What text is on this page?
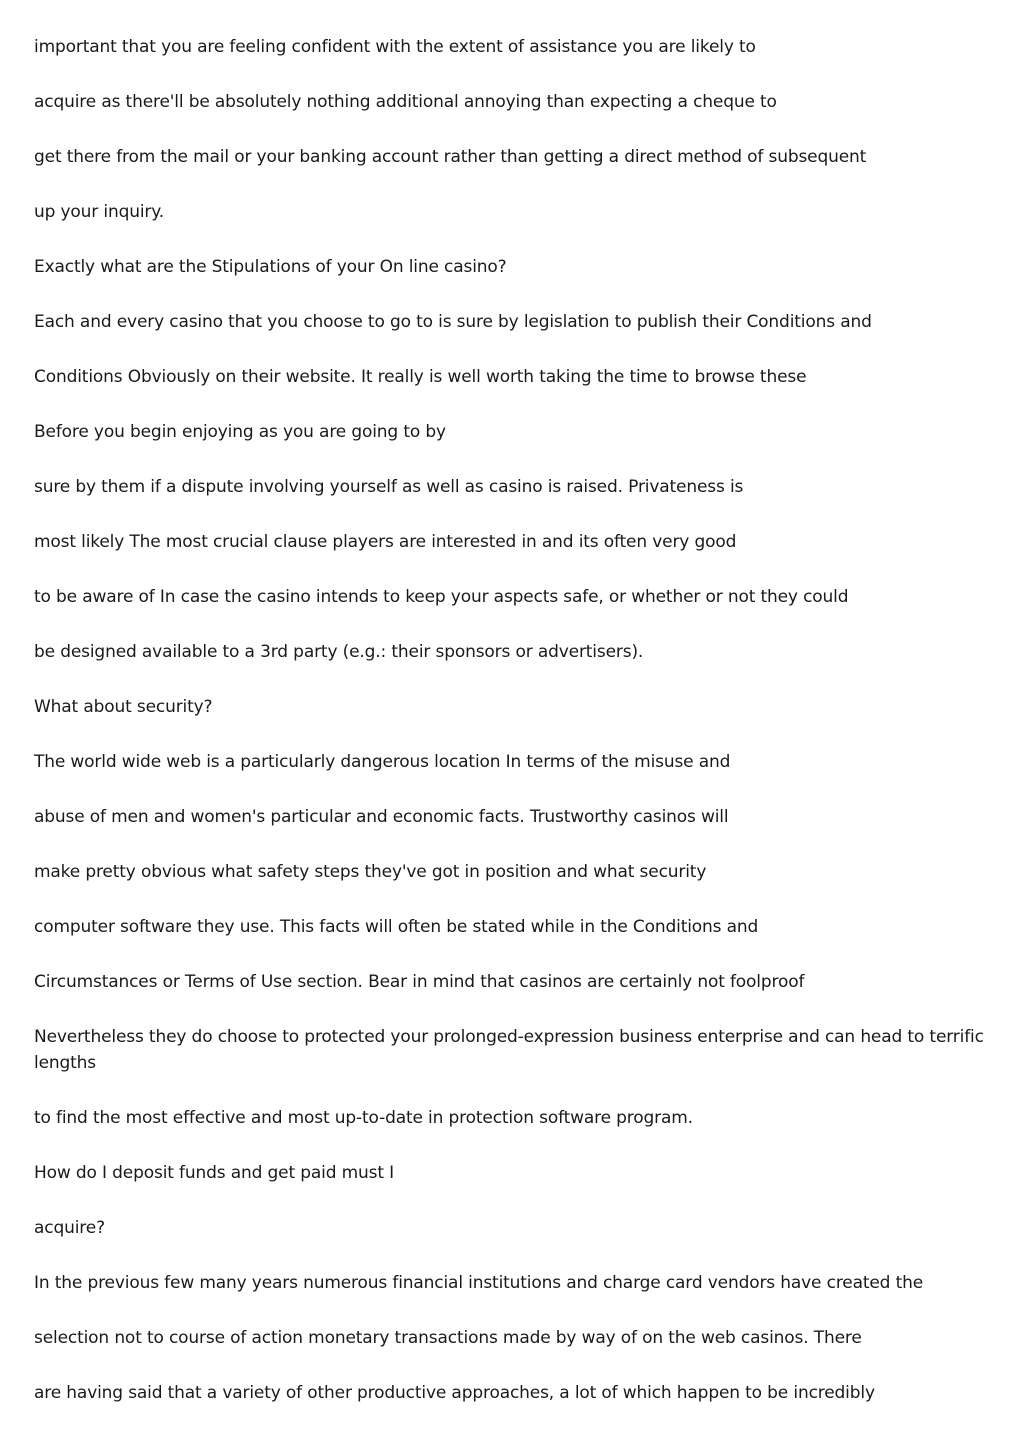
important that you are feeling confident with the extent of assistance you are likely to

acquire as there'll be absolutely nothing additional annoying than expecting a cheque to

get there from the mail or your banking account rather than getting a direct method of subsequent

up your inquiry.

Exactly what are the Stipulations of your On line casino?

Each and every casino that you choose to go to is sure by legislation to publish their Conditions and

Conditions Obviously on their website. It really is well worth taking the time to browse these

Before you begin enjoying as you are going to by

sure by them if a dispute involving yourself as well as casino is raised. Privateness is

most likely The most crucial clause players are interested in and its often very good

to be aware of In case the casino intends to keep your aspects safe, or whether or not they could

be designed available to a 3rd party (e.g.: their sponsors or advertisers).

What about security?

The world wide web is a particularly dangerous location In terms of the misuse and

abuse of men and women's particular and economic facts. Trustworthy casinos will

make pretty obvious what safety steps they've got in position and what security

computer software they use. This facts will often be stated while in the Conditions and

Circumstances or Terms of Use section. Bear in mind that casinos are certainly not foolproof

Nevertheless they do choose to protected your prolonged-expression business enterprise and can head to terrific lengths

to find the most effective and most up-to-date in protection software program.

How do I deposit funds and get paid must I

acquire?

In the previous few many years numerous financial institutions and charge card vendors have created the

selection not to course of action monetary transactions made by way of on the web casinos. There

are having said that a variety of other productive approaches, a lot of which happen to be incredibly
